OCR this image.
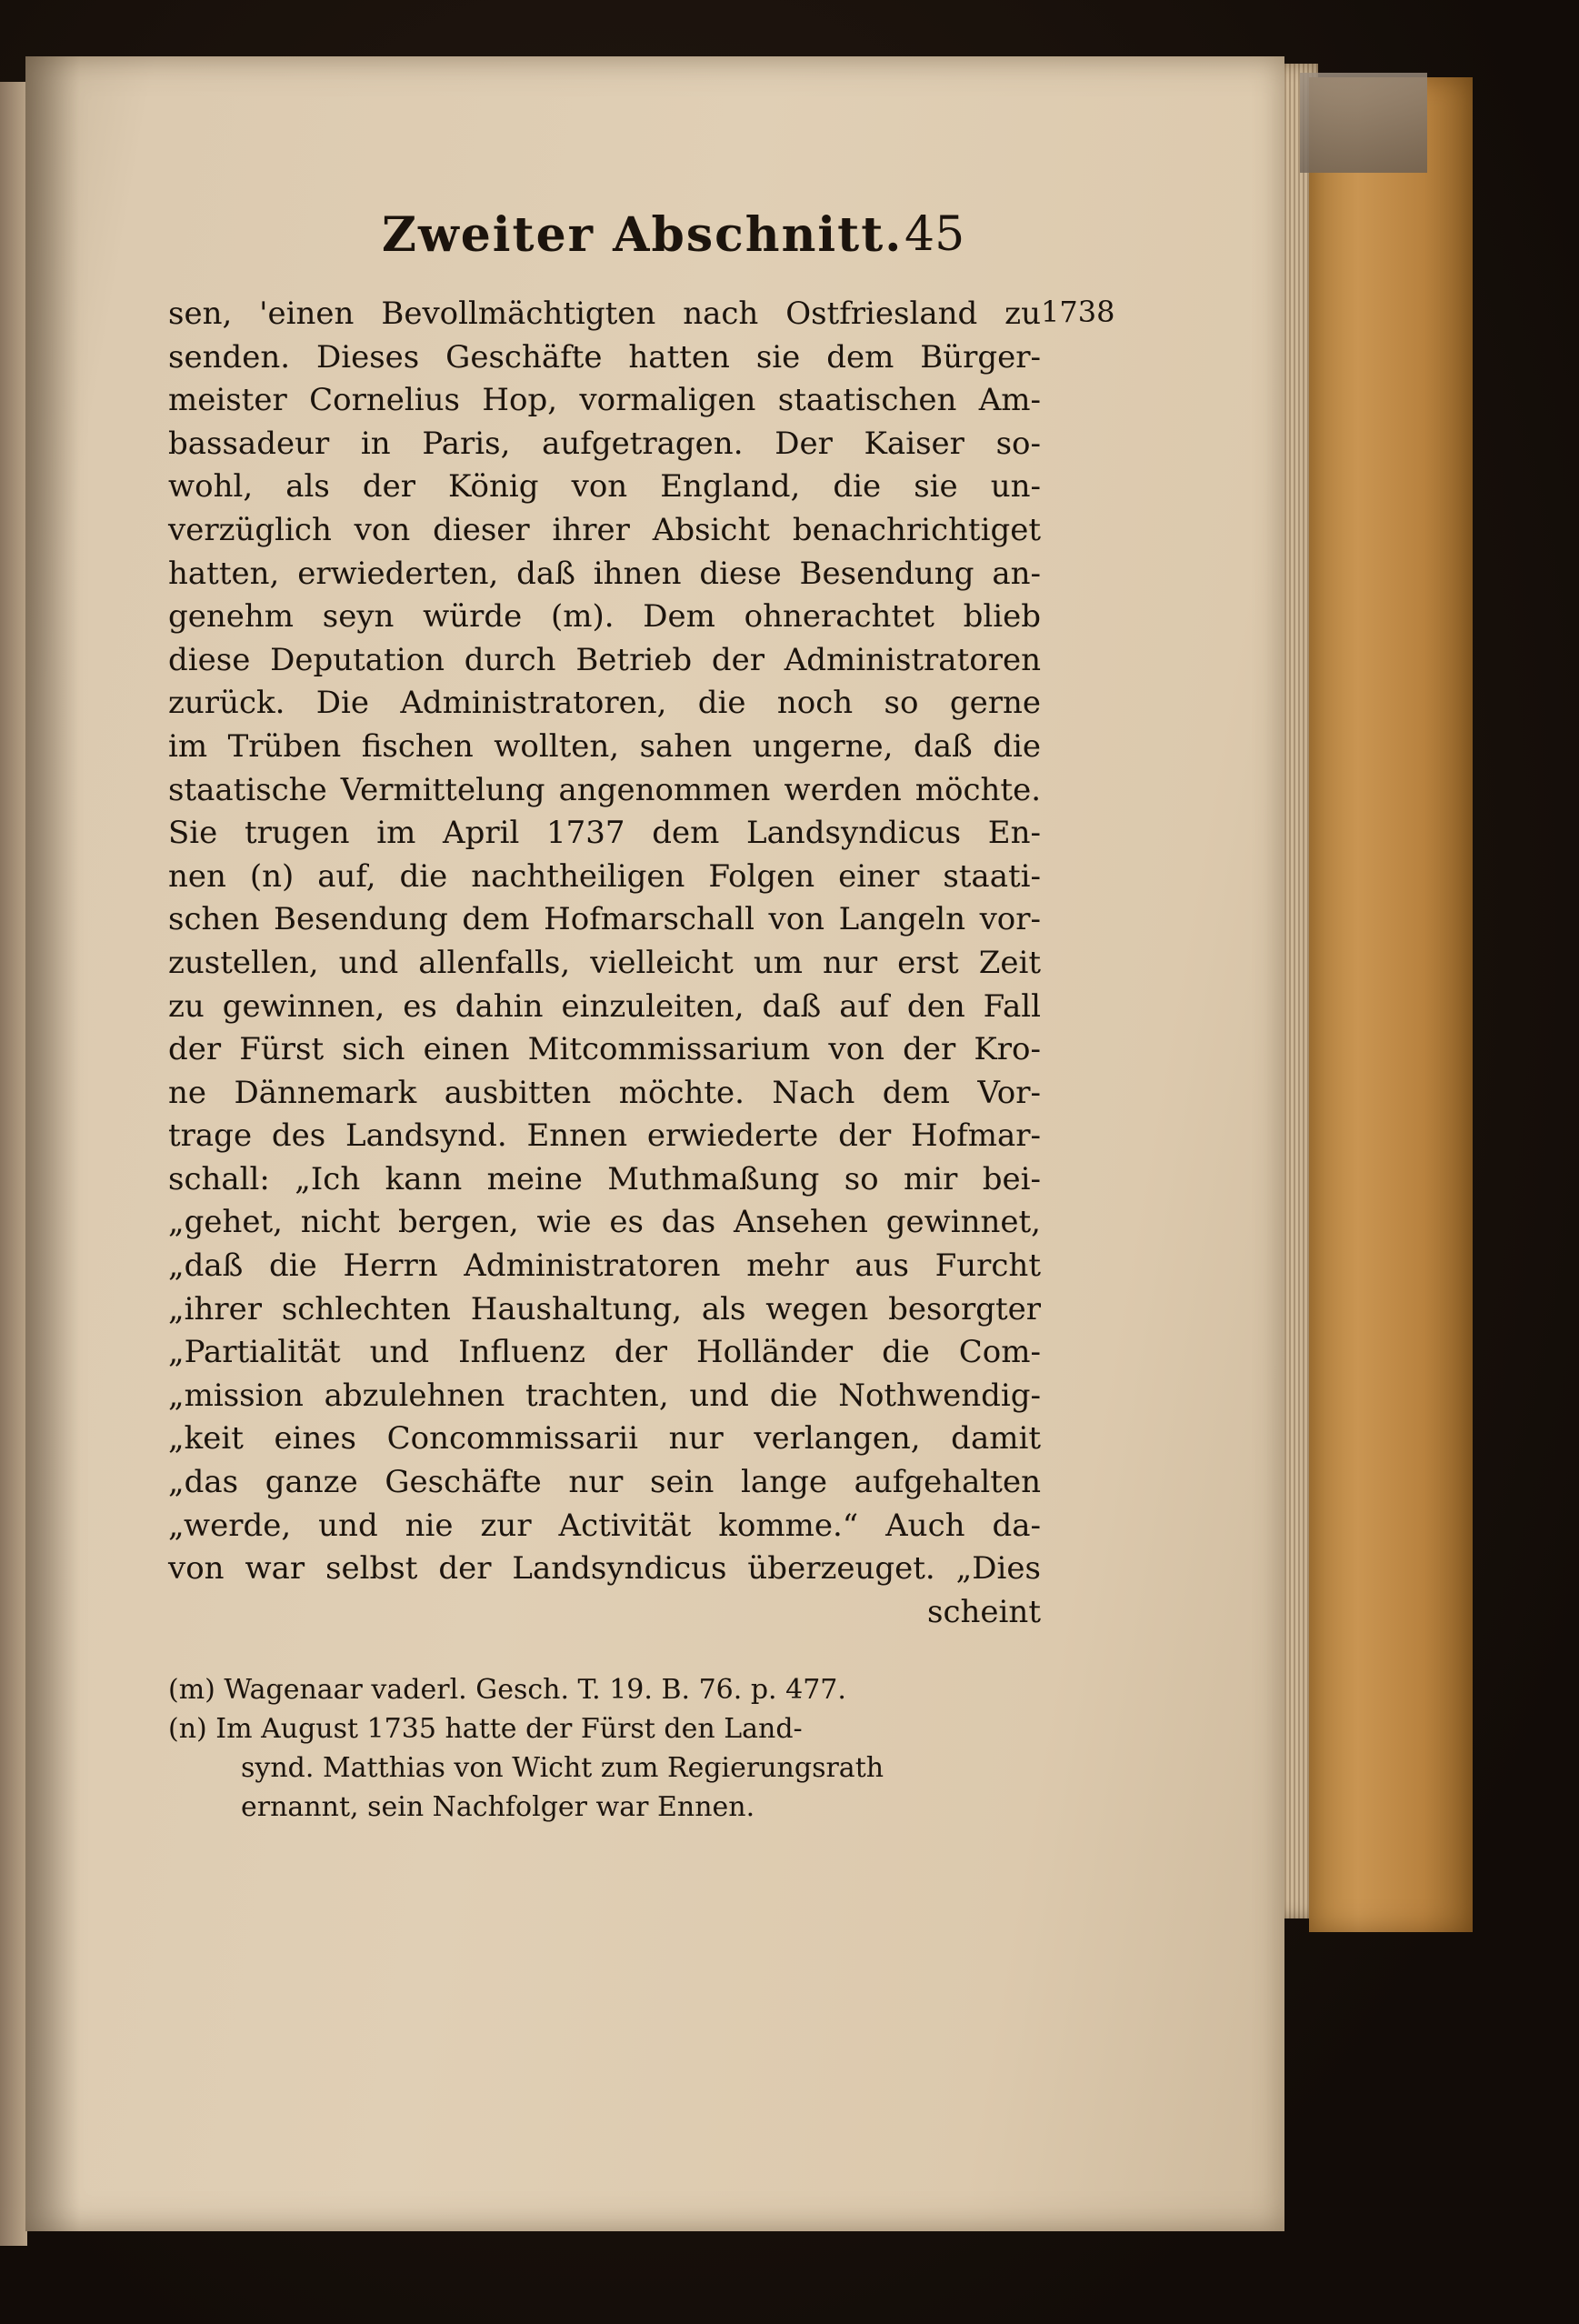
Zweiter Abschnitt. 45
1738
sen, 'einen Bevollmächtigten nach Ostfriesland zu
senden. Dieses Geschäfte hatten sie dem Bürger-
meister Cornelius Hop, vormaligen staatischen Am-
bassadeur in Paris, aufgetragen. Der Kaiser so-
wohl, als der König von England, die sie un-
verzüglich von dieser ihrer Absicht benachrichtiget
hatten, erwiederten, daß ihnen diese Besendung an-
genehm seyn würde (m). Dem ohnerachtet blieb
diese Deputation durch Betrieb der Administratoren
zurück. Die Administratoren, die noch so gerne
im Trüben fischen wollten, sahen ungerne, daß die
staatische Vermittelung angenommen werden möchte.
Sie trugen im April 1737 dem Landsyndicus En-
nen (n) auf, die nachtheiligen Folgen einer staati-
schen Besendung dem Hofmarschall von Langeln vor-
zustellen, und allenfalls, vielleicht um nur erst Zeit
zu gewinnen, es dahin einzuleiten, daß auf den Fall
der Fürst sich einen Mitcommissarium von der Kro-
ne Dännemark ausbitten möchte. Nach dem Vor-
trage des Landsynd. Ennen erwiederte der Hofmar-
schall: „Ich kann meine Muthmaßung so mir bei-
„gehet, nicht bergen, wie es das Ansehen gewinnet,
„daß die Herrn Administratoren mehr aus Furcht
„ihrer schlechten Haushaltung, als wegen besorgter
„Partialität und Influenz der Holländer die Com-
„mission abzulehnen trachten, und die Nothwendig-
„keit eines Concommissarii nur verlangen, damit
„das ganze Geschäfte nur sein lange aufgehalten
„werde, und nie zur Activität komme.“ Auch da-
von war selbst der Landsyndicus überzeuget. „Dies
scheint
(m) Wagenaar vaderl. Gesch. T. 19. B. 76. p. 477.
(n) Im August 1735 hatte der Fürst den Land-
synd. Matthias von Wicht zum Regierungsrath
ernannt, sein Nachfolger war Ennen.
